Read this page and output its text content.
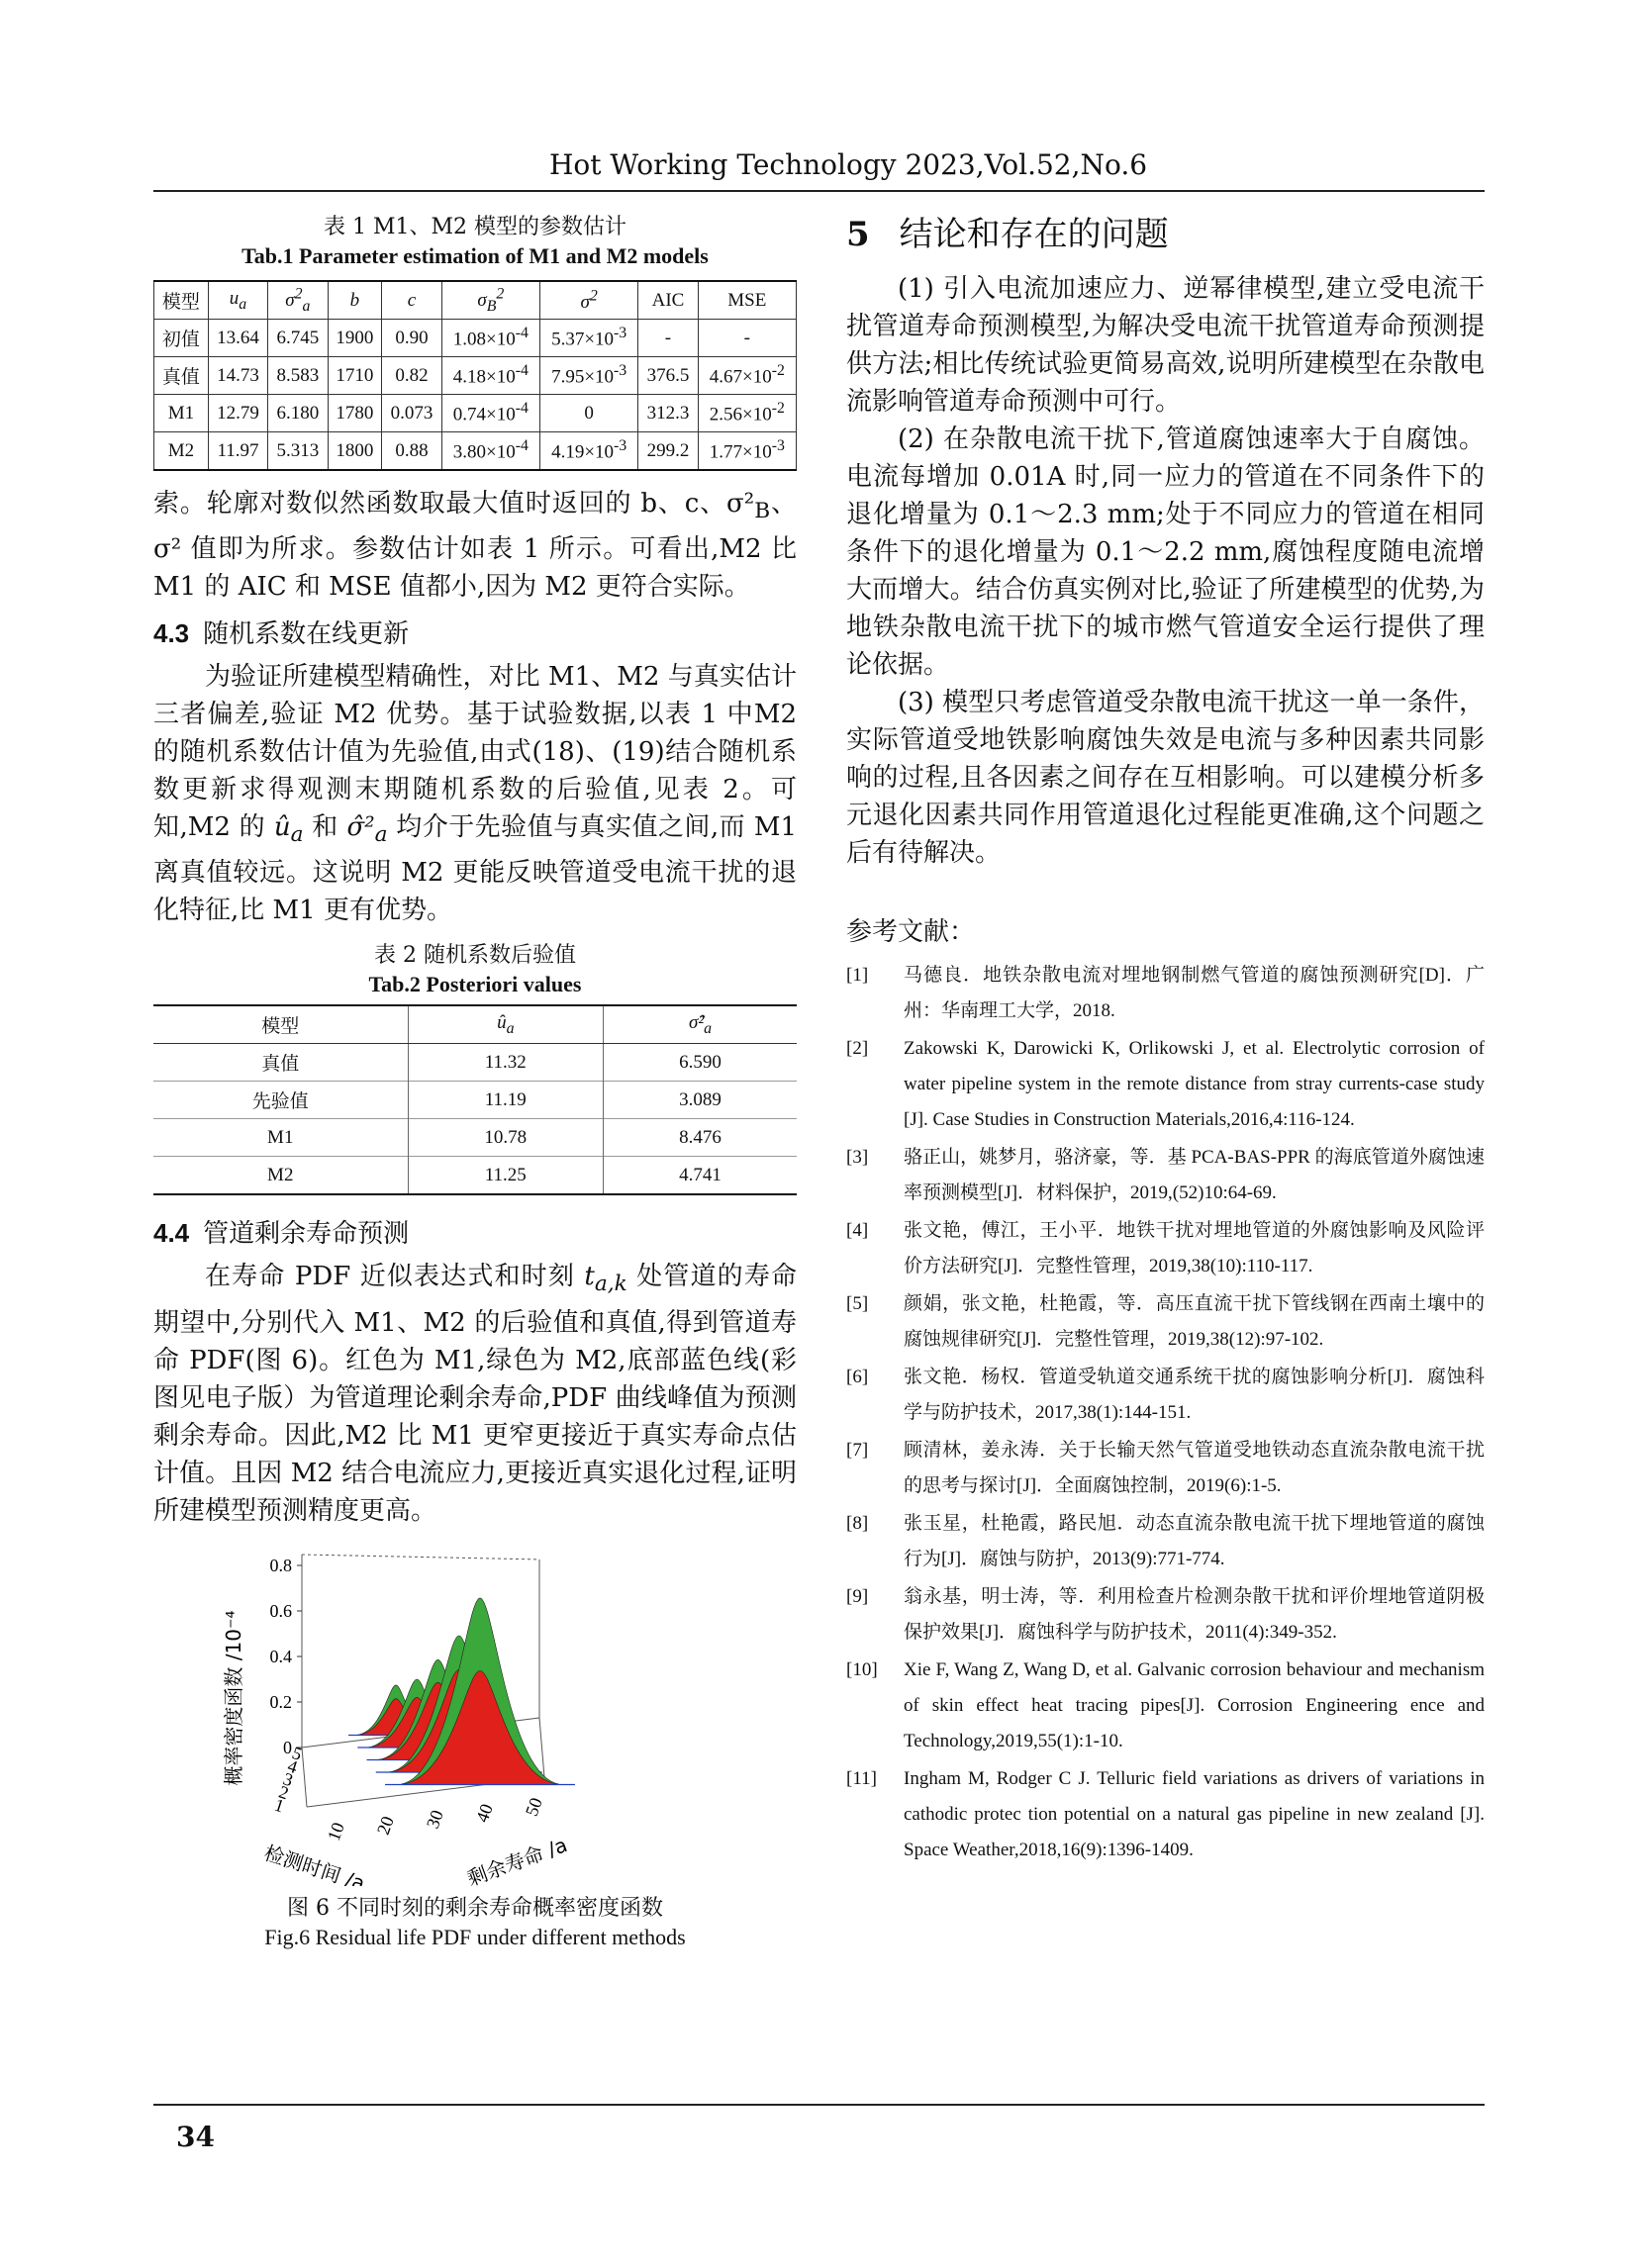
Hot Working Technology 2023,Vol.52,No.6
表 1 M1、M2 模型的参数估计
Tab.1 Parameter estimation of M1 and M2 models
模型	$u_a$	$\sigma^2_a$	b	c	$\sigma_B^2$	$\sigma^2$	AIC	MSE
初值	13.64	6.745	1900	0.90	$1.08\times 10^{-4}$	$5.37\times 10^{-3}$	-	-
真值	14.73	8.583	1710	0.82	$4.18\times 10^{-4}$	$7.95\times 10^{-3}$	376.5	$4.67\times 10^{-2}$
M1	12.79	6.180	1780	0.073	$0.74\times 10^{-4}$	0	312.3	$2.56\times 10^{-2}$
M2	11.97	5.313	1800	0.88	$3.80\times 10^{-4}$	$4.19\times 10^{-3}$	299.2	$1.77\times 10^{-3}$

索。轮廓对数似然函数取最大值时返回的 b、c、$\sigma^2_B$、σ² 值即为所求。参数估计如表 1 所示。可看出,M2 比 M1 的 AIC 和 MSE 值都小,因为 M2 更符合实际。

4.3 随机系数在线更新

为验证所建模型精确性，对比 M1、M2 与真实估计三者偏差,验证 M2 优势。基于试验数据,以表 1 中M2 的随机系数估计值为先验值,由式(18)、(19)结合随机系数更新求得观测末期随机系数的后验值,见表 2。可知,M2 的 $û_a$ 和 $\sigmâ^2_a$ 均介于先验值与真实值之间,而 M1 离真值较远。这说明 M2 更能反映管道受电流干扰的退化特征,比 M1 更有优势。

表 2 随机系数后验值
Tab.2 Posteriori values
模型	$û_a$	$\sigmâ^2_a$
真值	11.32	6.590
先验值	11.19	3.089
M1	10.78	8.476
M2	11.25	4.741
4.4 管道剩余寿命预测

在寿命 PDF 近似表达式和时刻 $t_{a,k}$ 处管道的寿命期望中,分别代入 M1、M2 的后验值和真值,得到管道寿命 PDF(图 6)。红色为 M1,绿色为 M2,底部蓝色线(彩图见电子版）为管道理论剩余寿命,PDF 曲线峰值为预测剩余寿命。因此,M2 比 M1 更窄更接近于真实寿命点估计值。且因 M2 结合电流应力,更接近真实退化过程,证明所建模型预测精度更高。

0
0.2
0.4
0.6
0.8
1
2
3
4
5
10 20 30 40 50
概率密度函数 /10⁻⁴
检测时间 /a	剩余寿命 /a
图 6 不同时刻的剩余寿命概率密度函数
Fig.6 Residual life PDF under different methods
5 结论和存在的问题

(1) 引入电流加速应力、逆幂律模型,建立受电流干扰管道寿命预测模型,为解决受电流干扰管道寿命预测提供方法;相比传统试验更简易高效,说明所建模型在杂散电流影响管道寿命预测中可行。

(2) 在杂散电流干扰下,管道腐蚀速率大于自腐蚀。电流每增加 0.01A 时,同一应力的管道在不同条件下的退化增量为 0.1～2.3 mm;处于不同应力的管道在相同条件下的退化增量为 0.1～2.2 mm,腐蚀程度随电流增大而增大。结合仿真实例对比,验证了所建模型的优势,为地铁杂散电流干扰下的城市燃气管道安全运行提供了理论依据。

(3) 模型只考虑管道受杂散电流干扰这一单一条件，实际管道受地铁影响腐蚀失效是电流与多种因素共同影响的过程,且各因素之间存在互相影响。可以建模分析多元退化因素共同作用管道退化过程能更准确,这个问题之后有待解决。

参考文献：
[1]	马德良．地铁杂散电流对埋地钢制燃气管道的腐蚀预测研究[D]．广州：华南理工大学，2018.
[2]	Zakowski K, Darowicki K, Orlikowski J, et al. Electrolytic corrosion of water pipeline system in the remote distance from stray currents-case study [J]. Case Studies in Construction Materials,2016,4:116-124.
[3]	骆正山，姚梦月，骆济豪，等．基 PCA-BAS-PPR 的海底管道外腐蚀速率预测模型[J]．材料保护，2019,(52)10:64-69.
[4]	张文艳，傅江，王小平．地铁干扰对埋地管道的外腐蚀影响及风险评价方法研究[J]．完整性管理，2019,38(10):110-117.
[5]	颜娟，张文艳，杜艳霞，等．高压直流干扰下管线钢在西南土壤中的腐蚀规律研究[J]．完整性管理，2019,38(12):97-102.
[6]	张文艳．杨权．管道受轨道交通系统干扰的腐蚀影响分析[J]．腐蚀科学与防护技术，2017,38(1):144-151.
[7]	顾清林，姜永涛．关于长输天然气管道受地铁动态直流杂散电流干扰的思考与探讨[J]．全面腐蚀控制，2019(6):1-5.
[8]	张玉星，杜艳霞，路民旭．动态直流杂散电流干扰下埋地管道的腐蚀行为[J]．腐蚀与防护，2013(9):771-774.
[9]	翁永基，明士涛，等．利用检查片检测杂散干扰和评价埋地管道阴极保护效果[J]．腐蚀科学与防护技术，2011(4):349-352.
[10]	Xie F, Wang Z, Wang D, et al. Galvanic corrosion behaviour and mechanism of skin effect heat tracing pipes[J]. Corrosion Engineering ence and Technology,2019,55(1):1-10.
[11]	Ingham M, Rodger C J. Telluric field variations as drivers of variations in cathodic protec tion potential on a natural gas pipeline in new zealand [J]. Space Weather,2018,16(9):1396-1409.
34
